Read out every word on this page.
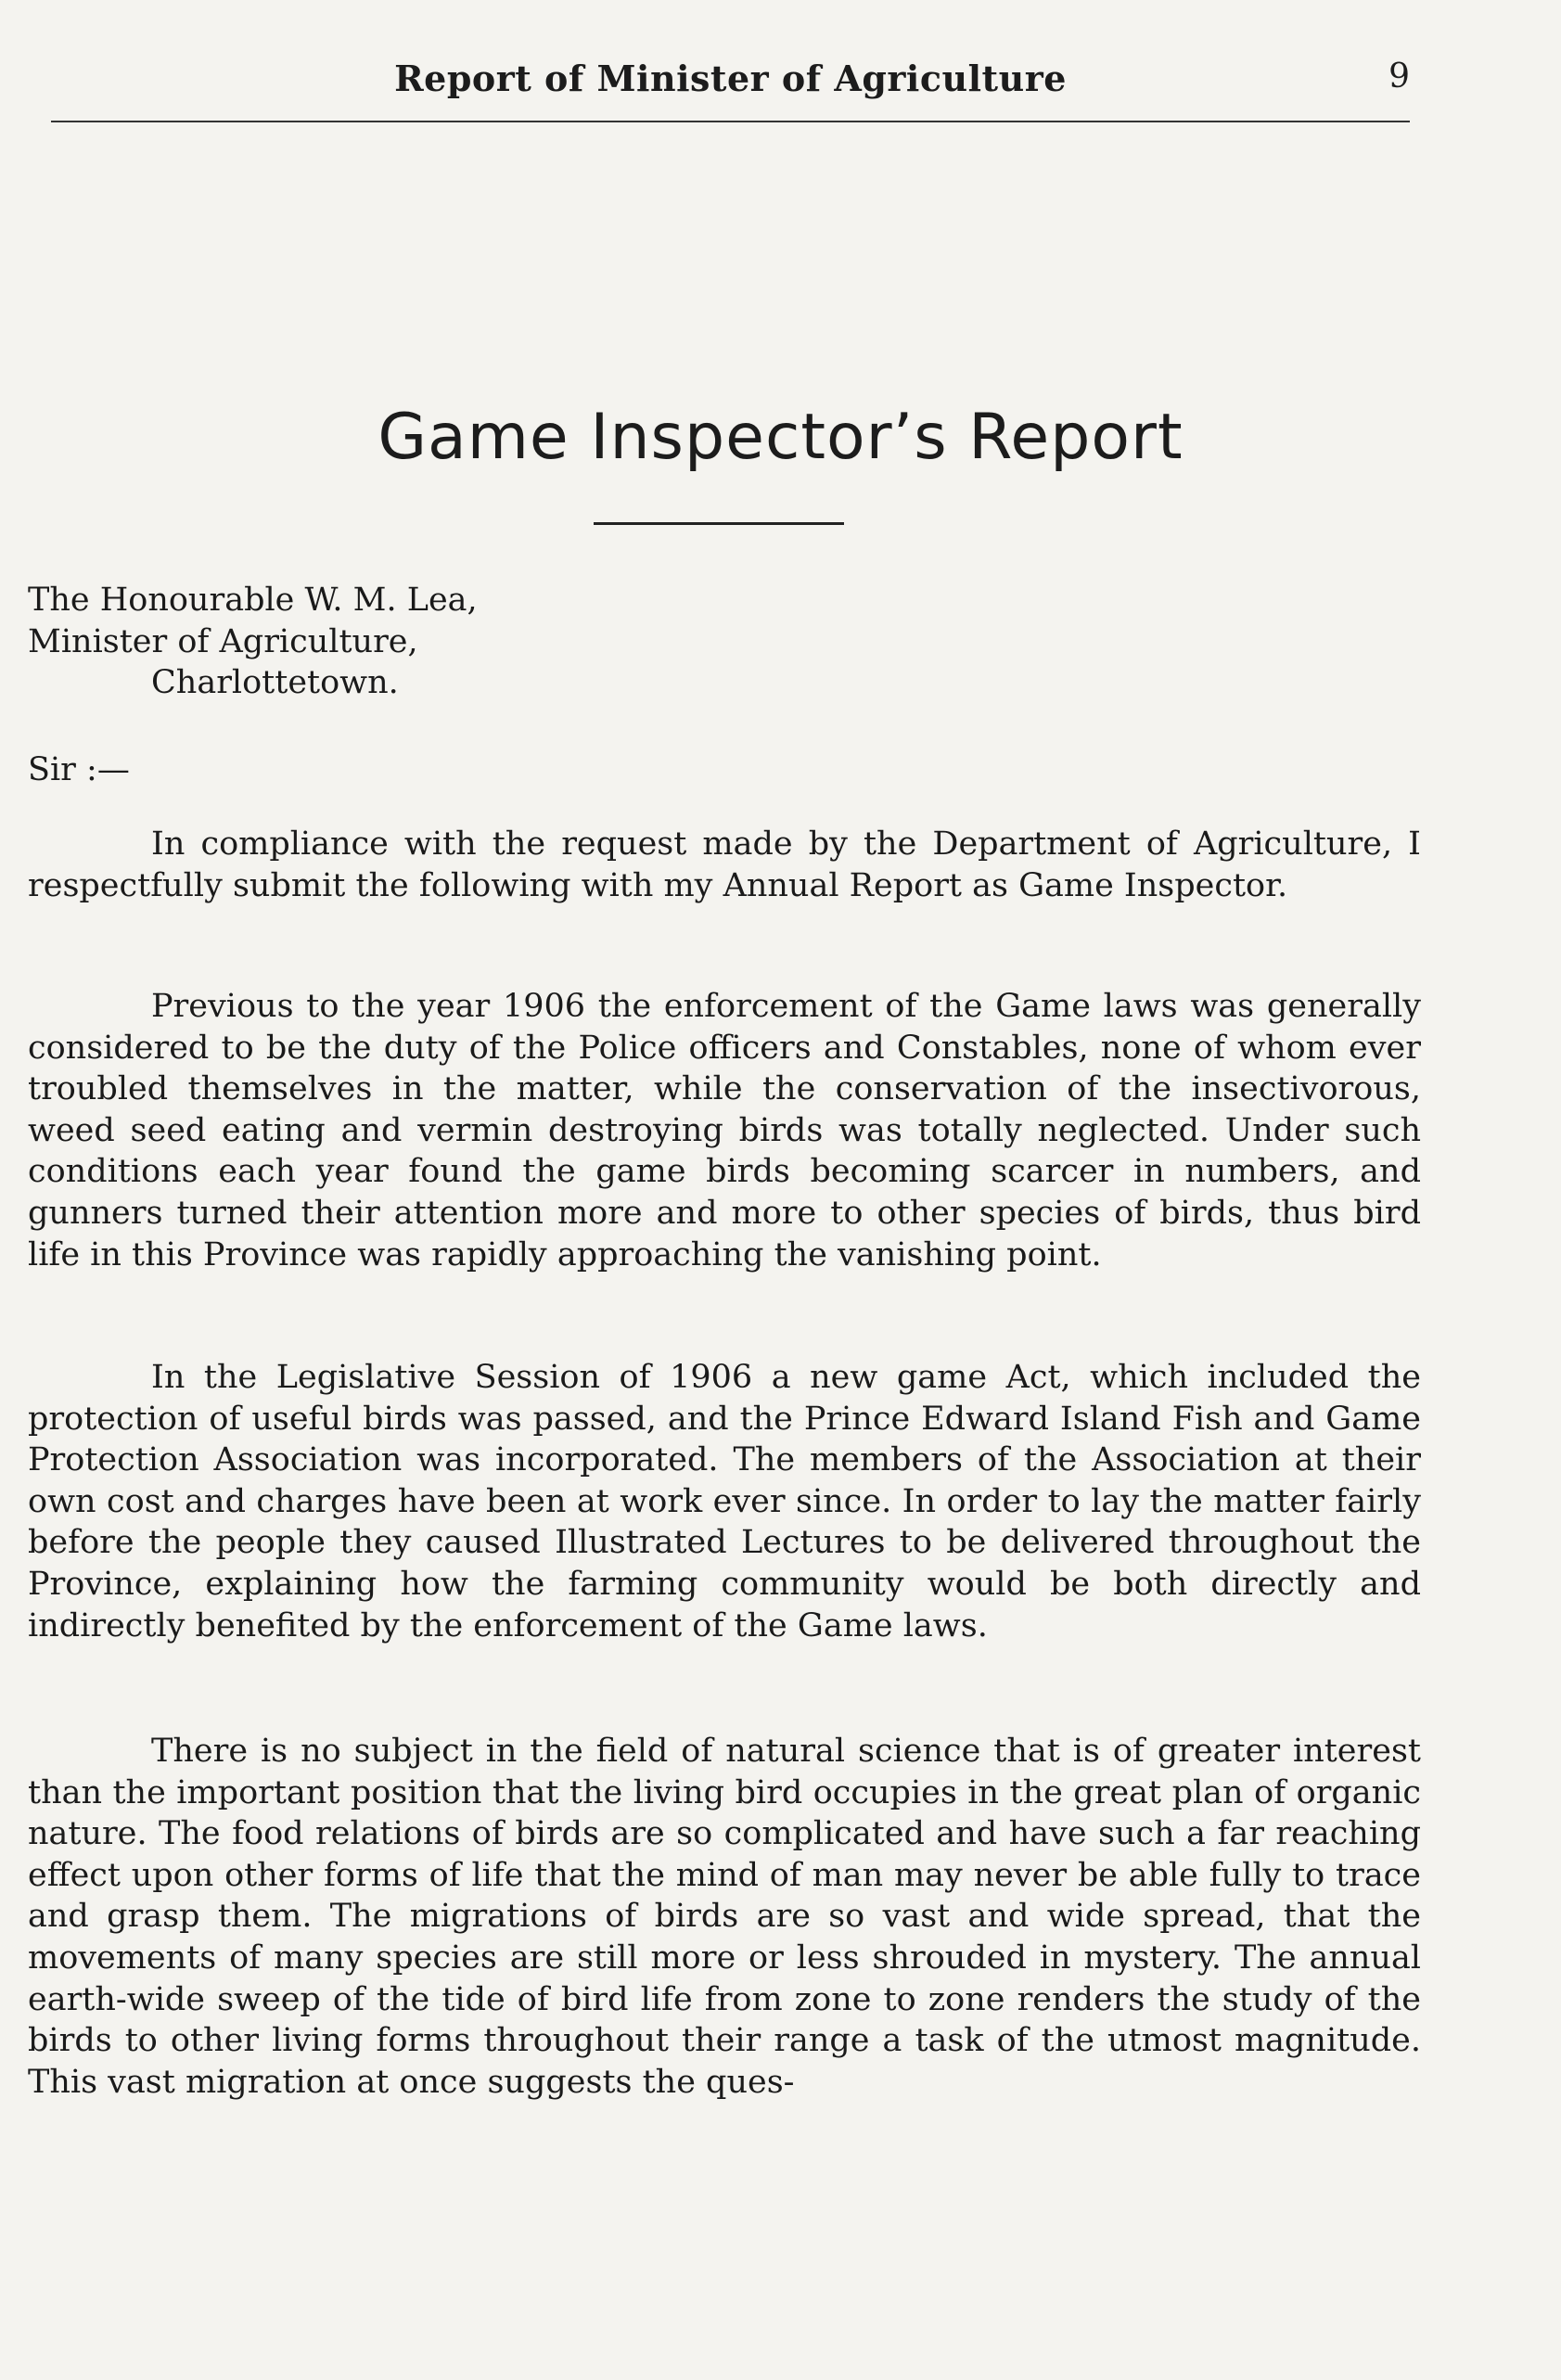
Report of Minister of Agriculture	9
Game Inspector’s Report
The Honourable W. M. Lea,
Minister of Agriculture,
Charlottetown.
Sir :—

In compliance with the request made by the Department of Agriculture, I respectfully submit the following with my Annual Report as Game Inspector.

Previous to the year 1906 the enforcement of the Game laws was generally considered to be the duty of the Police officers and Constables, none of whom ever troubled themselves in the matter, while the conservation of the insectivorous, weed seed eating and vermin destroying birds was totally neglected. Under such conditions each year found the game birds becoming scarcer in numbers, and gunners turned their attention more and more to other species of birds, thus bird life in this Province was rapidly approaching the vanishing point.

In the Legislative Session of 1906 a new game Act, which included the protection of useful birds was passed, and the Prince Edward Island Fish and Game Protection Association was incorporated. The members of the Association at their own cost and charges have been at work ever since. In order to lay the matter fairly before the people they caused Illustrated Lectures to be delivered throughout the Province, explaining how the farming community would be both directly and indirectly benefited by the enforcement of the Game laws.

There is no subject in the field of natural science that is of greater interest than the important position that the living bird occupies in the great plan of organic nature. The food relations of birds are so complicated and have such a far reaching effect upon other forms of life that the mind of man may never be able fully to trace and grasp them. The migrations of birds are so vast and wide spread, that the movements of many species are still more or less shrouded in mystery. The annual earth-wide sweep of the tide of bird life from zone to zone renders the study of the birds to other living forms throughout their range a task of the utmost magnitude. This vast migration at once suggests the ques-
